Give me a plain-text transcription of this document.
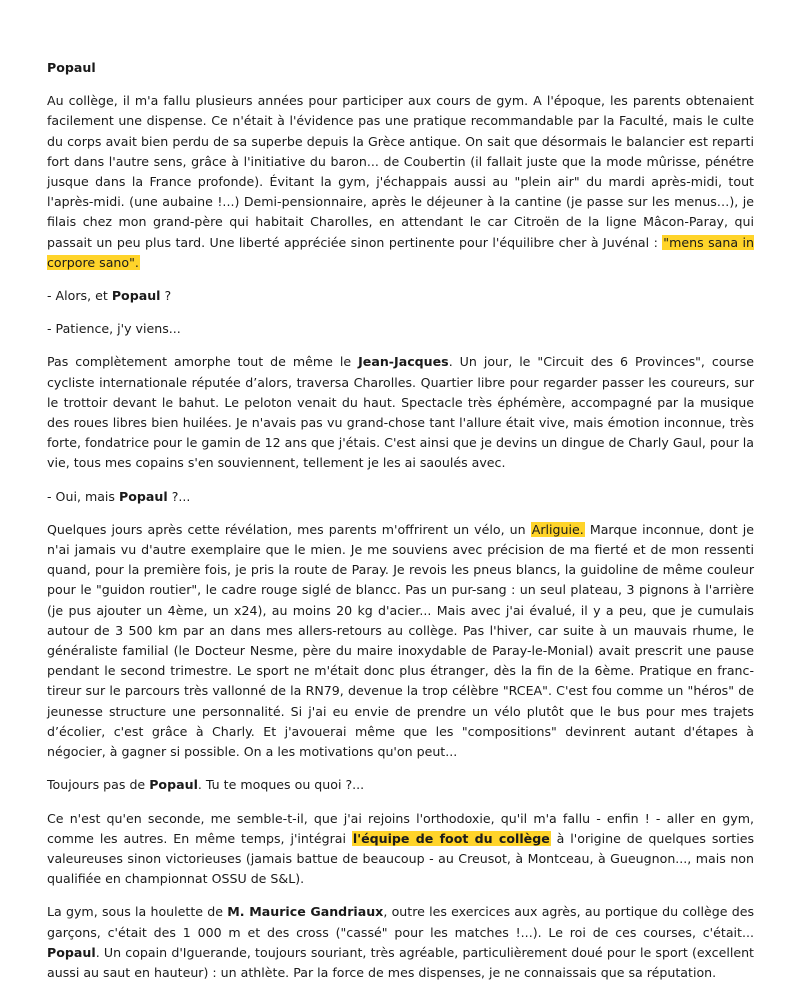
Popaul

Au collège, il m'a fallu plusieurs années pour participer aux cours de gym. A l'époque, les parents obtenaient facilement une dispense. Ce n'était à l'évidence pas une pratique recommandable par la Faculté, mais le culte du corps avait bien perdu de sa superbe depuis la Grèce antique. On sait que désormais le balancier est reparti fort dans l'autre sens, grâce à l'initiative du baron... de Coubertin (il fallait juste que la mode mûrisse, pénétre jusque dans la France profonde). Évitant la gym, j'échappais aussi au "plein air" du mardi après-midi, tout l'après-midi. (une aubaine !...) Demi-pensionnaire, après le déjeuner à la cantine (je passe sur les menus…), je filais chez mon grand-père qui habitait Charolles, en attendant le car Citroën de la ligne Mâcon-Paray, qui passait un peu plus tard. Une liberté appréciée sinon pertinente pour l'équilibre cher à Juvénal : "mens sana in corpore sano".

- Alors, et Popaul ?

- Patience, j'y viens...

Pas complètement amorphe tout de même le Jean-Jacques. Un jour, le "Circuit des 6 Provinces", course cycliste internationale réputée d’alors, traversa Charolles. Quartier libre pour regarder passer les coureurs, sur le trottoir devant le bahut. Le peloton venait du haut. Spectacle très éphémère, accompagné par la musique des roues libres bien huilées. Je n'avais pas vu grand-chose tant l'allure était vive, mais émotion inconnue, très forte, fondatrice pour le gamin de 12 ans que j'étais. C'est ainsi que je devins un dingue de Charly Gaul, pour la vie, tous mes copains s'en souviennent, tellement je les ai saoulés avec.

- Oui, mais Popaul ?...

Quelques jours après cette révélation, mes parents m'offrirent un vélo, un Arliguie. Marque inconnue, dont je n'ai jamais vu d'autre exemplaire que le mien. Je me souviens avec précision de ma fierté et de mon ressenti quand, pour la première fois, je pris la route de Paray. Je revois les pneus blancs, la guidoline de même couleur pour le "guidon routier", le cadre rouge siglé de blancc. Pas un pur-sang : un seul plateau, 3 pignons à l'arrière (je pus ajouter un 4ème, un x24), au moins 20 kg d'acier... Mais avec j'ai évalué, il y a peu, que je cumulais autour de 3 500 km par an dans mes allers-retours au collège. Pas l'hiver, car suite à un mauvais rhume, le généraliste familial (le Docteur Nesme, père du maire inoxydable de Paray-le-Monial) avait prescrit une pause pendant le second trimestre. Le sport ne m'était donc plus étranger, dès la fin de la 6ème. Pratique en franc-tireur sur le parcours très vallonné de la RN79, devenue la trop célèbre "RCEA". C'est fou comme un "héros" de jeunesse structure une personnalité. Si j'ai eu envie de prendre un vélo plutôt que le bus pour mes trajets d’écolier, c'est grâce à Charly. Et j'avouerai même que les "compositions" devinrent autant d'étapes à négocier, à gagner si possible. On a les motivations qu'on peut...

Toujours pas de Popaul. Tu te moques ou quoi ?...

Ce n'est qu'en seconde, me semble-t-il, que j'ai rejoins l'orthodoxie, qu'il m'a fallu - enfin ! - aller en gym, comme les autres. En même temps, j'intégrai l'équipe de foot du collège à l'origine de quelques sorties valeureuses sinon victorieuses (jamais battue de beaucoup - au Creusot, à Montceau, à Gueugnon..., mais non qualifiée en championnat OSSU de S&L).

La gym, sous la houlette de M. Maurice Gandriaux, outre les exercices aux agrès, au portique du collège des garçons, c'était des 1 000 m et des cross ("cassé" pour les matches !...). Le roi de ces courses, c'était... Popaul. Un copain d'Iguerande, toujours souriant, très agréable, particulièrement doué pour le sport (excellent aussi au saut en hauteur) : un athlète. Par la force de mes dispenses, je ne connaissais que sa réputation.
